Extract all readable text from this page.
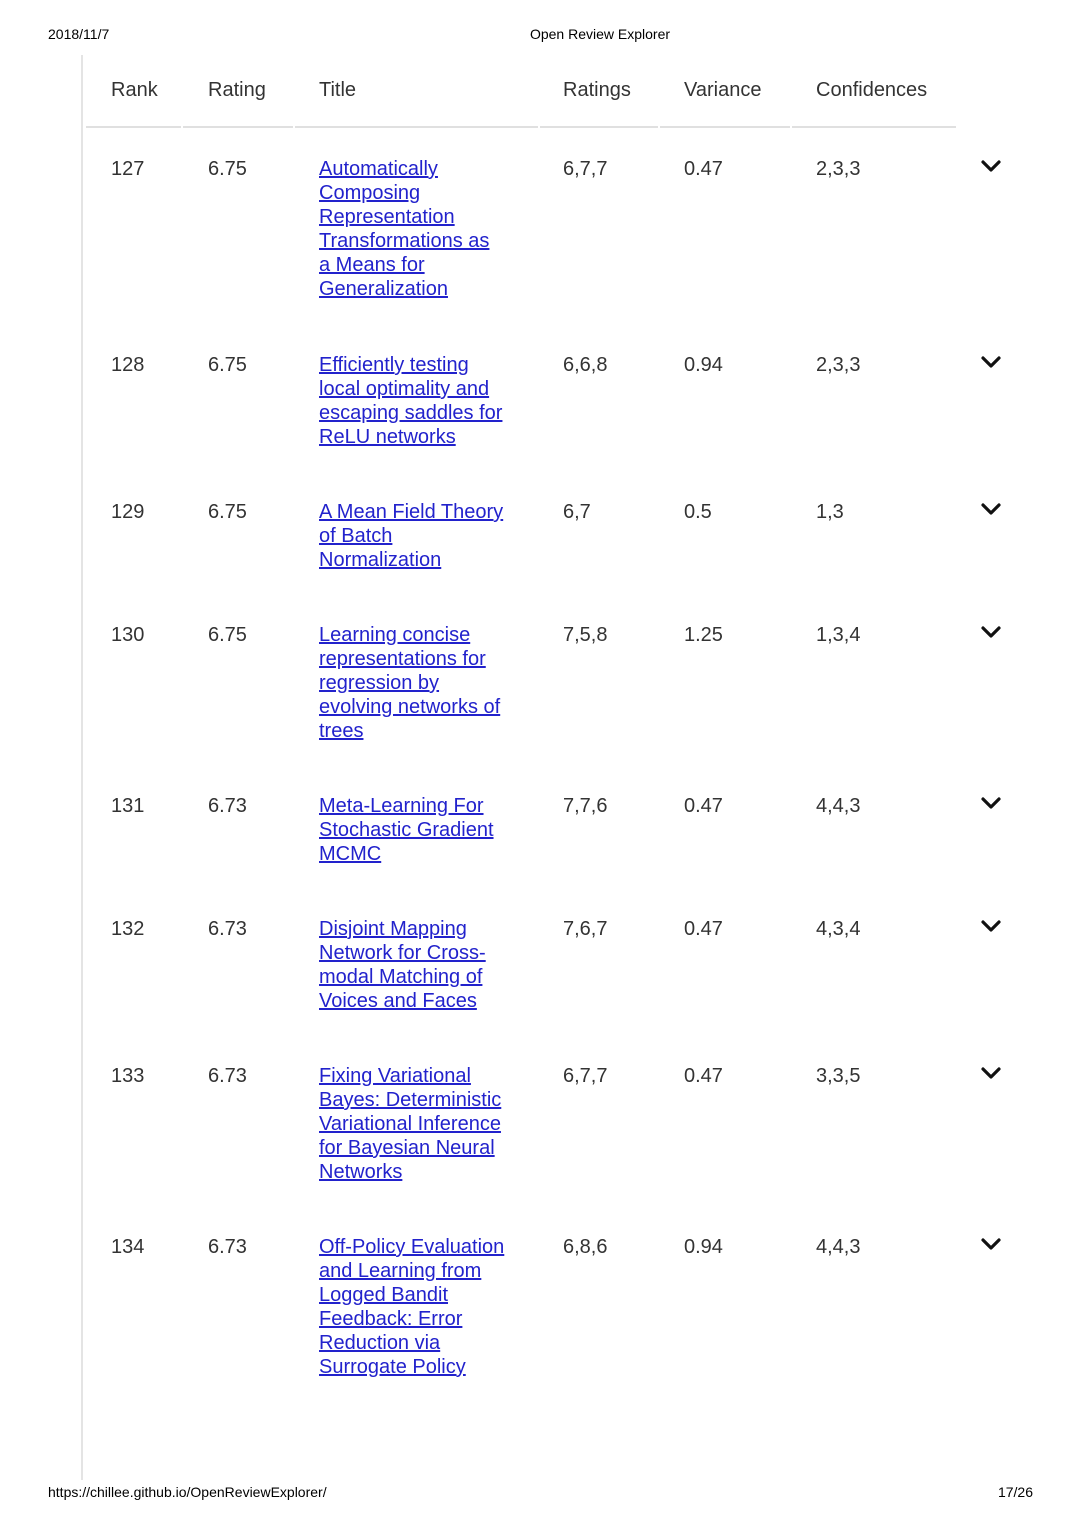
2018/11/7	Open Review Explorer
Rank	Rating	Title	Ratings	Variance	Confidences
127	6.75	Automatically
Composing
Representation
Transformations as
a Means for
Generalization
6,7,7	0.47	2,3,3
128	6.75	Efficiently testing
local optimality and
escaping saddles for
ReLU networks
6,6,8	0.94	2,3,3
129	6.75	A Mean Field Theory
of Batch
Normalization
6,7	0.5	1,3
130	6.75	Learning concise
representations for
regression by
evolving networks of
trees
7,5,8	1.25	1,3,4
131	6.73	Meta-Learning For
Stochastic Gradient
MCMC
7,7,6	0.47	4,4,3
132	6.73	Disjoint Mapping
Network for Cross-
modal Matching of
Voices and Faces
7,6,7	0.47	4,3,4
133	6.73	Fixing Variational
Bayes: Deterministic
Variational Inference
for Bayesian Neural
Networks
6,7,7	0.47	3,3,5
134	6.73	Off-Policy Evaluation
and Learning from
Logged Bandit
Feedback: Error
Reduction via
Surrogate Policy
6,8,6	0.94	4,4,3
https://chillee.github.io/OpenReviewExplorer/	17/26
